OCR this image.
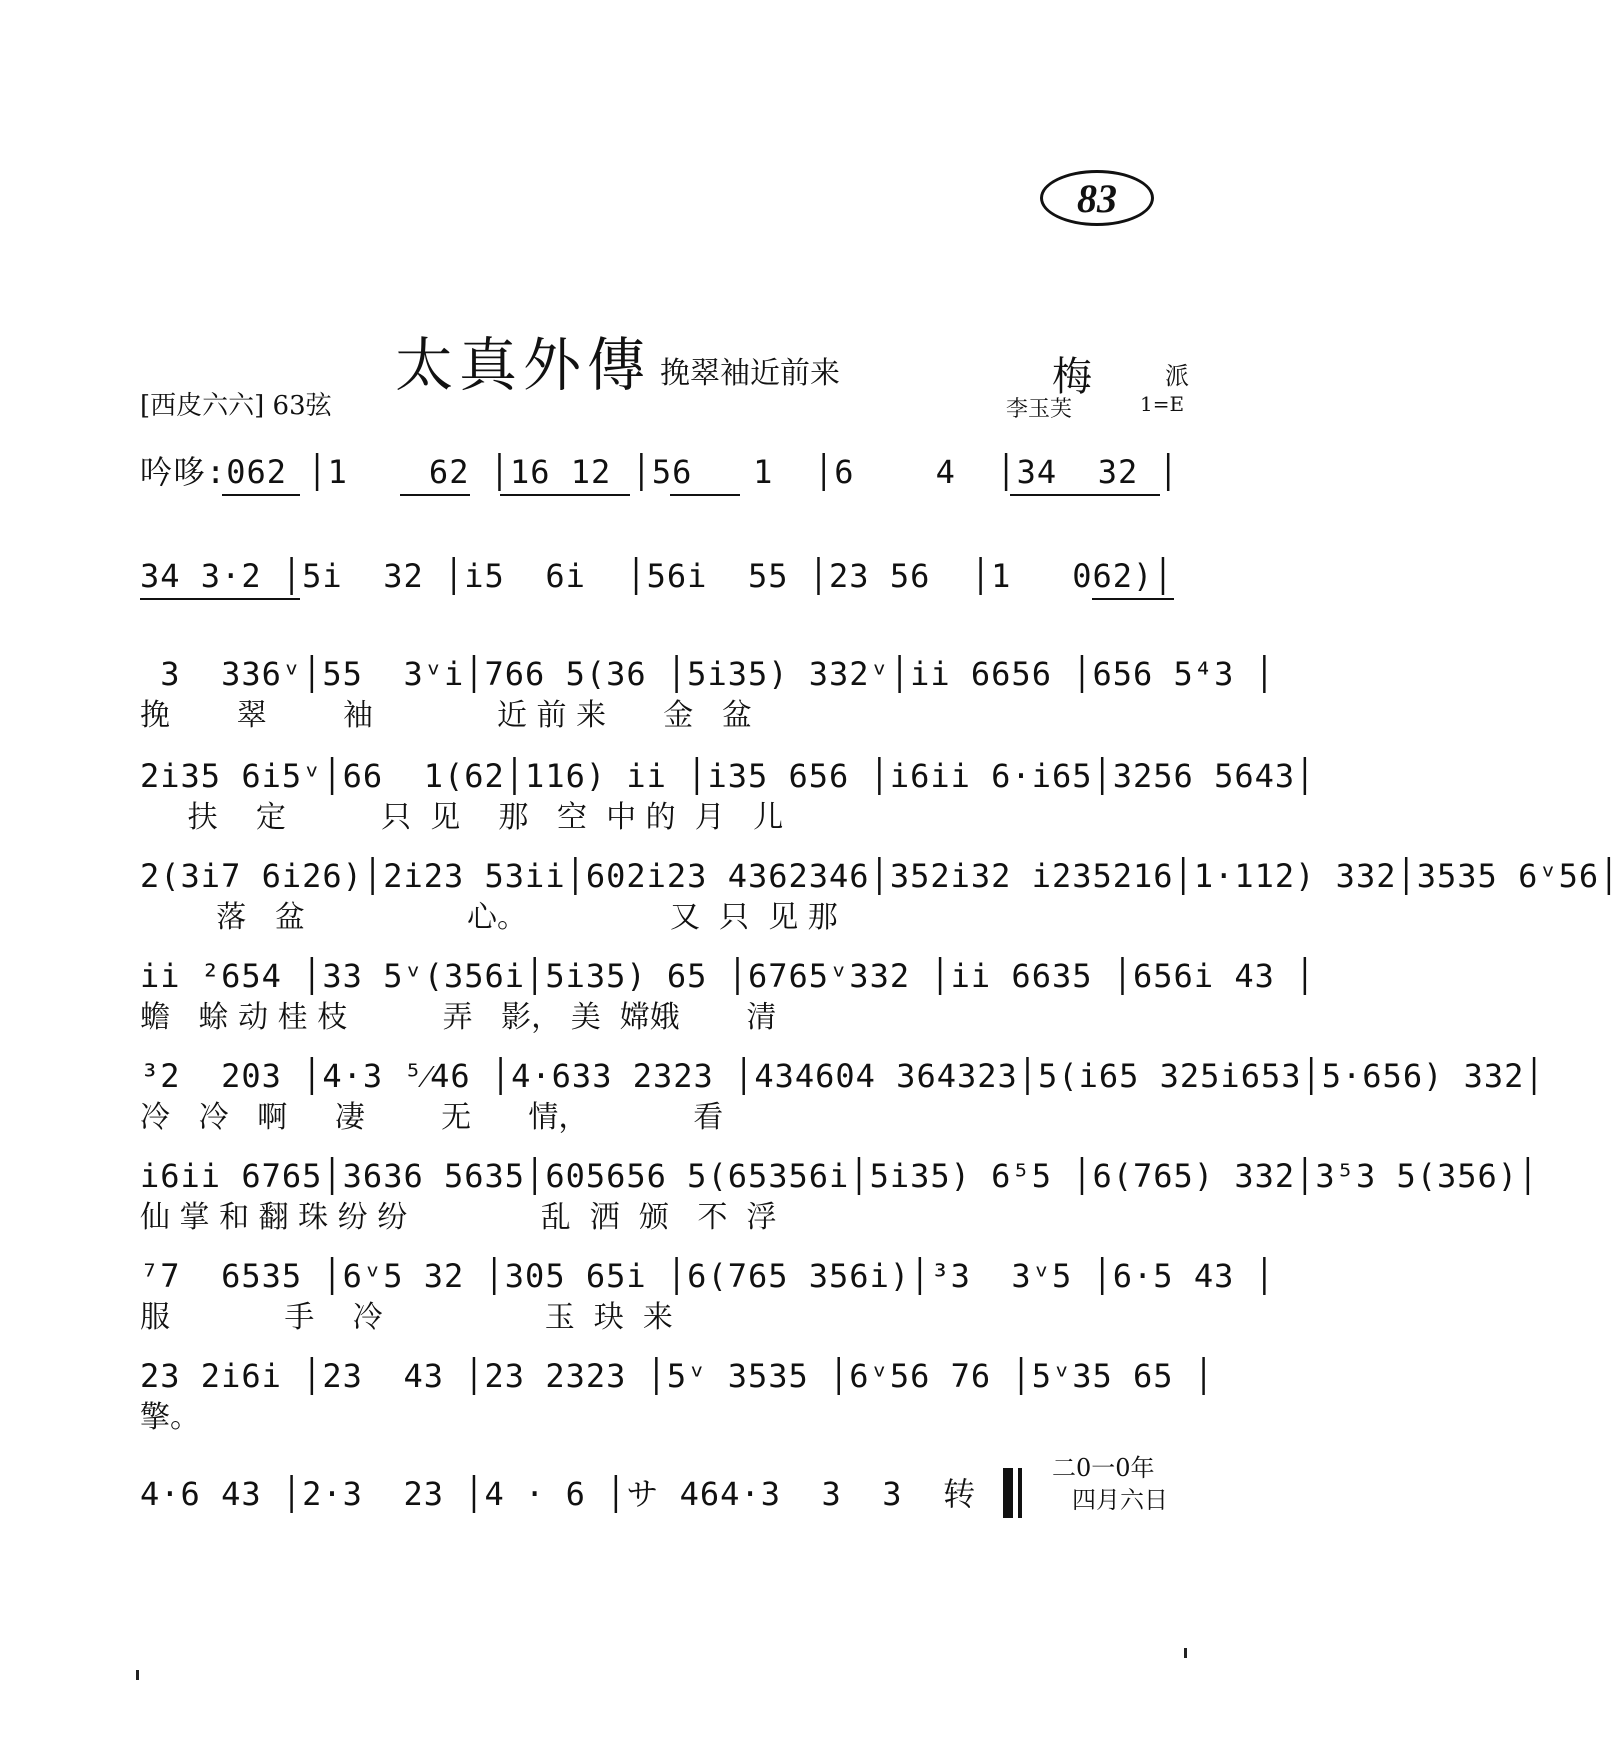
83
太真外傳 挽翠袖近前来	梅	派
李玉芙	1=E
[西皮六六] 63弦
吟哆:062 │1    62 │16 12 │56   1  │6    4  │34  32 │
34 3·2 │5i  32 │i5  6i  │56i  55 │23 56  │1   062)│
3  336ᵛ│55  3ᵛi│766 5(36 │5i35) 332ᵛ│ii 6656 │656 5⁴3 │
挽       翠        袖             近 前 来      金   盆
2i35 6i5ᵛ│66  1(62│116) ii │i35 656 │i6ii 6·i65│3256 5643│
扶    定          只  见    那   空  中 的  月   儿
2(3i7 6i26)│2i23 53ii│602i23 4362346│352i32 i235216│1·112) 332│3535 6ᵛ56│
落   盆                 心。               又  只  见 那
ii ²654 │33 5ᵛ(356i│5i35) 65 │6765ᵛ332 │ii 6635 │656i 43 │
蟾   蜍 动 桂 枝          弄   影， 美  嫦娥       清
³2  203 │4·3 ⁵⁄46 │4·633 2323 │434604 364323│5(i65 325i653│5·656) 332│
冷   冷   啊     凄        无      情，           看
i6ii 6765│3636 5635│605656 5(65356i│5i35) 6⁵5 │6(765) 332│3⁵3 5(356)│
仙 掌 和 翻 珠 纷 纷              乱  洒  颁   不  浮
⁷7  6535 │6ᵛ5 32 │305 65i │6(765 356i)│³3  3ᵛ5 │6·5 43 │
服            手    冷                 玉  玦  来
23 2i6i │23  43 │23 2323 │5ᵛ 3535 │6ᵛ56 76 │5ᵛ35 65 │
擎。
4·6 43 │2·3  23 │4 · 6 │サ 464·3  3  3  转
二0一0年
四月六日
